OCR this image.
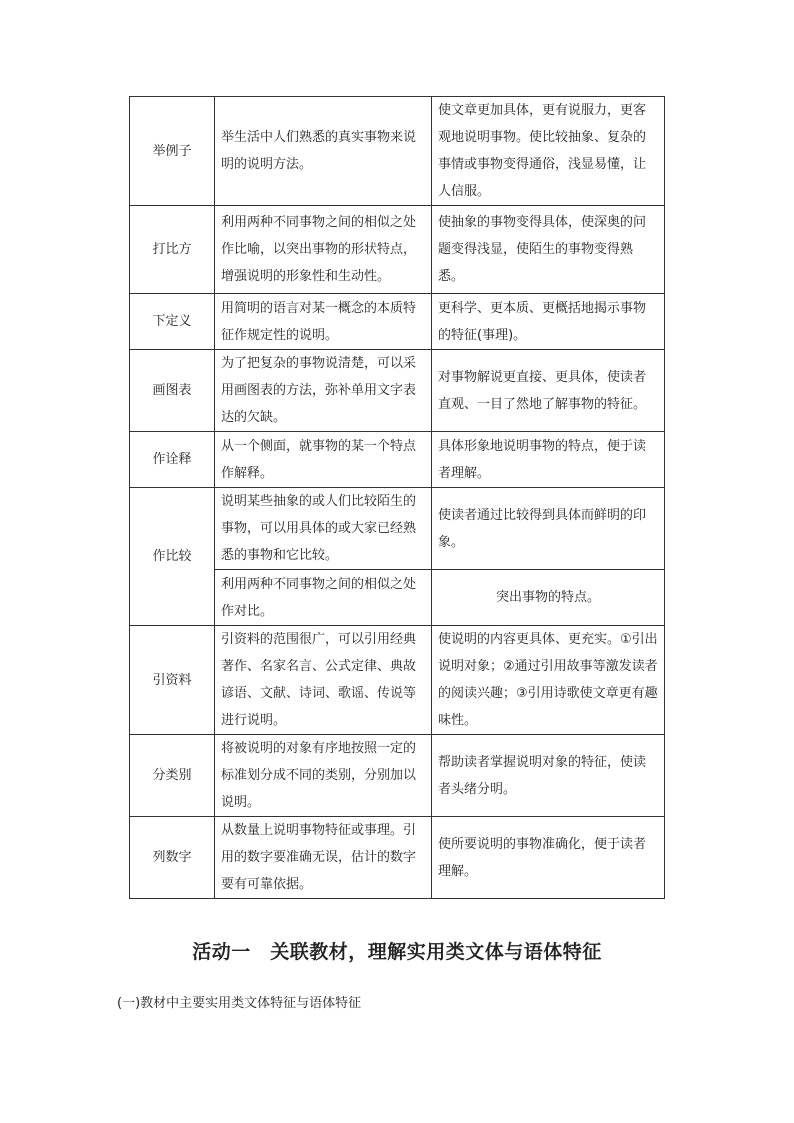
举例子	举生活中人们熟悉的真实事物来说明的说明方法。	使文章更加具体，更有说服力，更客观地说明事物。使比较抽象、复杂的事情或事物变得通俗，浅显易懂，让人信服。
打比方	利用两种不同事物之间的相似之处作比喻，以突出事物的形状特点，增强说明的形象性和生动性。	使抽象的事物变得具体，使深奥的问题变得浅显，使陌生的事物变得熟悉。
下定义	用简明的语言对某一概念的本质特征作规定性的说明。	更科学、更本质、更概括地揭示事物的特征(事理)。
画图表	为了把复杂的事物说清楚，可以采用画图表的方法，弥补单用文字表达的欠缺。	对事物解说更直接、更具体，使读者直观、一目了然地了解事物的特征。
作诠释	从一个侧面，就事物的某一个特点作解释。	具体形象地说明事物的特点，便于读者理解。
作比较	说明某些抽象的或人们比较陌生的事物，可以用具体的或大家已经熟悉的事物和它比较。	使读者通过比较得到具体而鲜明的印象。
	利用两种不同事物之间的相似之处作对比。	突出事物的特点。
引资料	引资料的范围很广，可以引用经典著作、名家名言、公式定律、典故谚语、文献、诗词、歌谣、传说等进行说明。	使说明的内容更具体、更充实。①引出说明对象；②通过引用故事等激发读者的阅读兴趣；③引用诗歌使文章更有趣味性。
分类别	将被说明的对象有序地按照一定的标准划分成不同的类别，分别加以说明。	帮助读者掌握说明对象的特征，使读者头绪分明。
列数字	从数量上说明事物特征或事理。引用的数字要准确无误，估计的数字要有可靠依据。	使所要说明的事物准确化，便于读者理解。
活动一　关联教材，理解实用类文体与语体特征
(一)教材中主要实用类文体特征与语体特征
